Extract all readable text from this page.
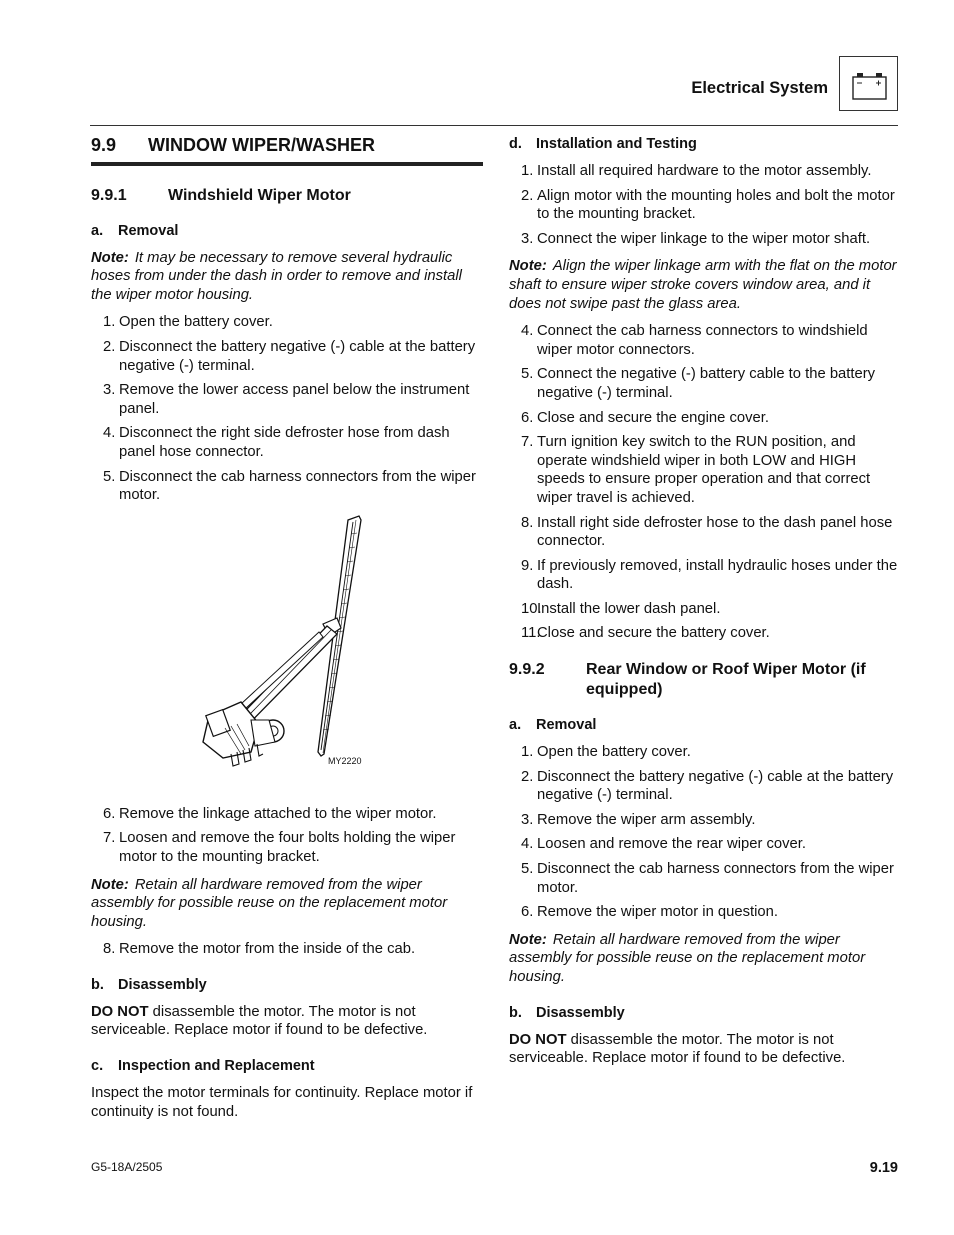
Electrical System
9.9	WINDOW WIPER/WASHER
9.9.1	Windshield Wiper Motor
a. Removal
Note: It may be necessary to remove several hydraulic hoses from under the dash in order to remove and install the wiper motor housing.
1. Open the battery cover.
2. Disconnect the battery negative (-) cable at the battery negative (-) terminal.
3. Remove the lower access panel below the instrument panel.
4. Disconnect the right side defroster hose from dash panel hose connector.
5. Disconnect the cab harness connectors from the wiper motor.
MY2220
6. Remove the linkage attached to the wiper motor.
7. Loosen and remove the four bolts holding the wiper motor to the mounting bracket.
Note: Retain all hardware removed from the wiper assembly for possible reuse on the replacement motor housing.
8. Remove the motor from the inside of the cab.
b. Disassembly

DO NOT disassemble the motor. The motor is not serviceable. Replace motor if found to be defective.

c. Inspection and Replacement

Inspect the motor terminals for continuity. Replace motor if continuity is not found.

d. Installation and Testing
1. Install all required hardware to the motor assembly.
2. Align motor with the mounting holes and bolt the motor to the mounting bracket.
3. Connect the wiper linkage to the wiper motor shaft.
Note: Align the wiper linkage arm with the flat on the motor shaft to ensure wiper stroke covers window area, and it does not swipe past the glass area.
4. Connect the cab harness connectors to windshield wiper motor connectors.
5. Connect the negative (-) battery cable to the battery negative (-) terminal.
6. Close and secure the engine cover.
7. Turn ignition key switch to the RUN position, and operate windshield wiper in both LOW and HIGH speeds to ensure proper operation and that correct wiper travel is achieved.
8. Install right side defroster hose to the dash panel hose connector.
9. If previously removed, install hydraulic hoses under the dash.
10.
Install the lower dash panel.
11.
Close and secure the battery cover.
9.9.2	Rear Window or Roof Wiper Motor (if equipped)
a. Removal
1. Open the battery cover.
2. Disconnect the battery negative (-) cable at the battery negative (-) terminal.
3. Remove the wiper arm assembly.
4. Loosen and remove the rear wiper cover.
5. Disconnect the cab harness connectors from the wiper motor.
6. Remove the wiper motor in question.
Note: Retain all hardware removed from the wiper assembly for possible reuse on the replacement motor housing.
b. Disassembly

DO NOT disassemble the motor. The motor is not serviceable. Replace motor if found to be defective.

G5-18A/2505	9.19
